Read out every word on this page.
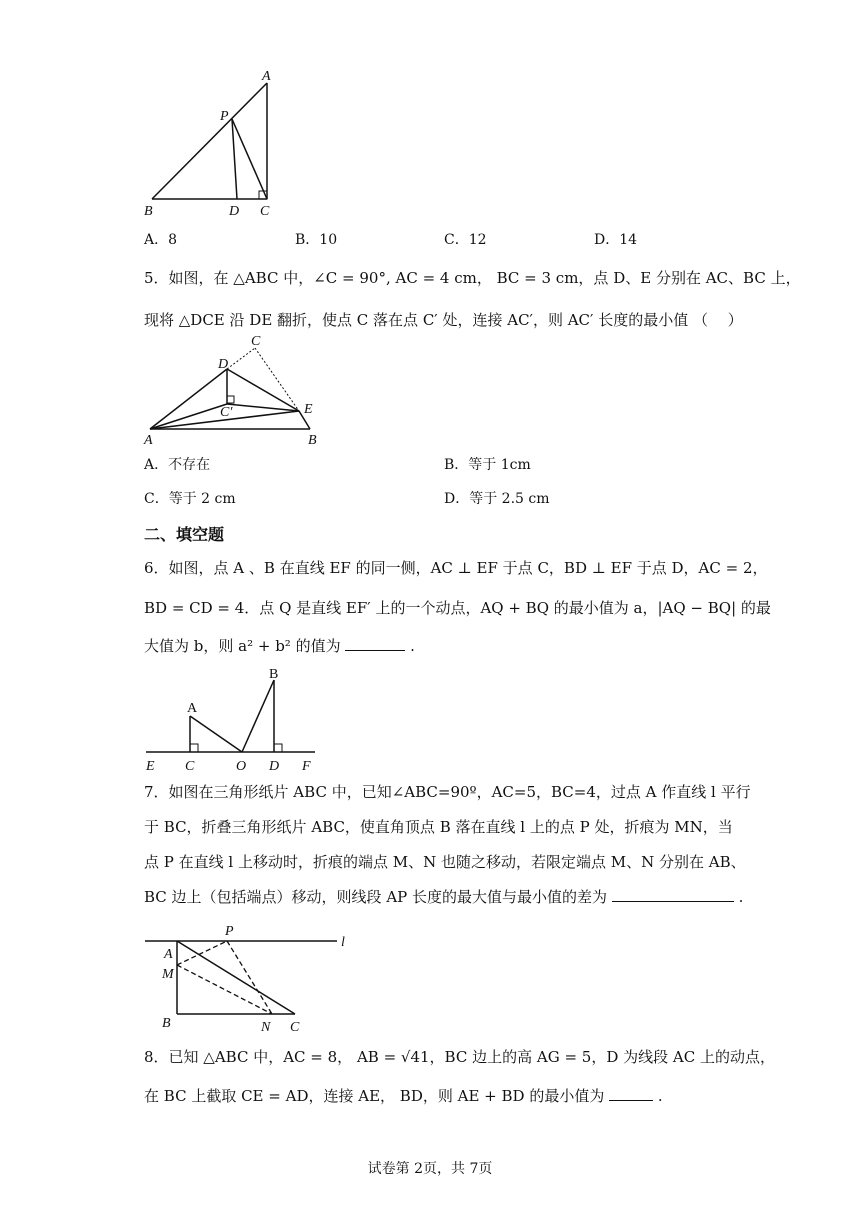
A
P
B	D C
A．8	B．10	C．12	D．14
5．如图，在 △ABC 中，∠C = 90°, AC = 4 cm， BC = 3 cm，点 D、E 分别在 AC、BC 上，
现将 △DCE 沿 DE 翻折，使点 C 落在点 C′ 处，连接 AC′，则 AC′ 长度的最小值 （　 ）
C
D
C′	E
A	B
A．不存在	B．等于 1cm
C．等于 2 cm	D．等于 2.5 cm
二、填空题
6．如图，点 A 、B 在直线 EF 的同一侧，AC ⊥ EF 于点 C，BD ⊥ EF 于点 D，AC = 2，
BD = CD = 4．点 Q 是直线 EF′ 上的一个动点，AQ + BQ 的最小值为 a，|AQ − BQ| 的最
大值为 b，则 a² + b² 的值为	.
A
B
E C	O D F
7．如图在三角形纸片 ABC 中，已知∠ABC=90º，AC=5，BC=4，过点 A 作直线 l 平行
于 BC，折叠三角形纸片 ABC，使直角顶点 B 落在直线 l 上的点 P 处，折痕为 MN，当
点 P 在直线 l 上移动时，折痕的端点 M、N 也随之移动，若限定端点 M、N 分别在 AB、
BC 边上（包括端点）移动，则线段 AP 长度的最大值与最小值的差为	.
P
l
A
M
B	N C
8．已知 △ABC 中，AC = 8， AB = √41，BC 边上的高 AG = 5，D 为线段 AC 上的动点，
在 BC 上截取 CE = AD，连接 AE， BD，则 AE + BD 的最小值为	.
试卷第 2页，共 7页
